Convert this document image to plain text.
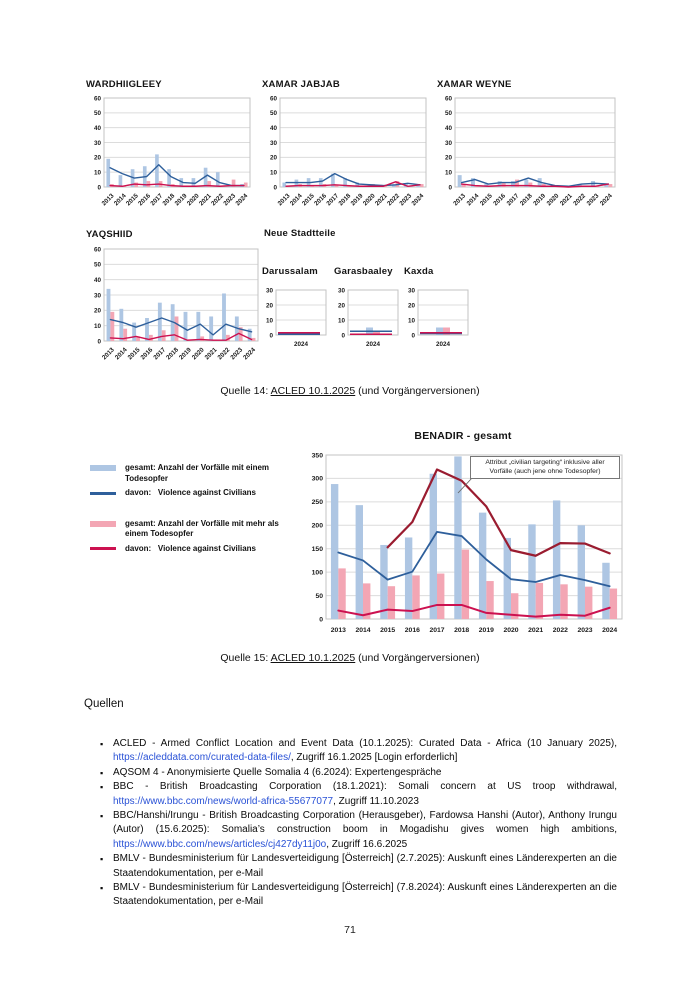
WARDHIIGLEEY
0
10
20
30
40
50
60
2013
2014
2015
2016
2017
2018
2019
2020
2021
2022
2023
2024
XAMAR JABJAB
0
10
20
30
40
50
60
2013
2014
2015
2016
2017
2018
2019
2020
2021
2022
2023
2024
XAMAR WEYNE
0
10
20
30
40
50
60
2013
2014
2015
2016
2017
2018
2019
2020
2021
2022
2023
2024
YAQSHIID
0
10
20
30
40
50
60
2013
2014
2015
2016
2017
2018
2019
2020
2021
2022
2023
2024
Neue Stadtteile
Darussalam
0
10
20
30
2024
Garasbaaley
0
10
20
30
2024
Kaxda
0
10
20
30
2024
Quelle 14: ACLED 10.1.2025 (und Vorgängerversionen)
gesamt: Anzahl der Vorfälle mit einem Todesopfer
davon:   Violence against Civilians
gesamt: Anzahl der Vorfälle mit mehr als einem Todesopfer
davon:   Violence against Civilians
BENADIR - gesamt
0
50
100
150
200
250
300
350
2013 2014 2015 2016 2017 2018 2019 2020 2021 2022 2023 2024
Attribut „civilian targeting“ inklusive aller Vorfälle (auch jene ohne Todesopfer)
Quelle 15: ACLED 10.1.2025 (und Vorgängerversionen)
Quellen
▪ ACLED - Armed Conflict Location and Event Data (10.1.2025): Curated Data - Africa (10 January 2025), https://acleddata.com/curated-data-files/, Zugriff 16.1.2025 [Login erforderlich]
▪ AQSOM 4 - Anonymisierte Quelle Somalia 4 (6.2024): Expertengespräche
▪ BBC - British Broadcasting Corporation (18.1.2021): Somali concern at US troop withdrawal, https://www.bbc.com/news/world-africa-55677077, Zugriff 11.10.2023
▪ BBC/Hanshi/Irungu - British Broadcasting Corporation (Herausgeber), Fardowsa Hanshi (Autor), Anthony Irungu (Autor) (15.6.2025): Somalia’s construction boom in Mogadishu gives women high ambitions, https://www.bbc.com/news/articles/cj427dy11j0o, Zugriff 16.6.2025
▪ BMLV - Bundesministerium für Landesverteidigung [Österreich] (2.7.2025): Auskunft eines Länderexperten an die Staatendokumentation, per e-Mail
▪ BMLV - Bundesministerium für Landesverteidigung [Österreich] (7.8.2024): Auskunft eines Länderexperten an die Staatendokumentation, per e-Mail
71
